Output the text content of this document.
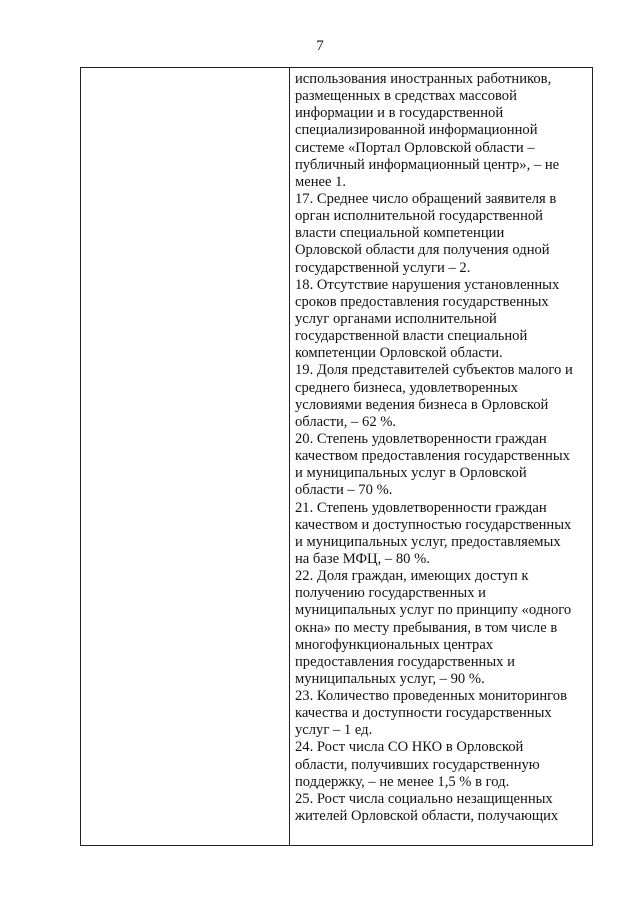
7
использования иностранных работников,
размещенных в средствах массовой
информации и в государственной
специализированной информационной
системе «Портал Орловской области –
публичный информационный центр», – не
менее 1.
17. Среднее число обращений заявителя в
орган исполнительной государственной
власти специальной компетенции
Орловской области для получения одной
государственной услуги – 2.
18. Отсутствие нарушения установленных
сроков предоставления государственных
услуг органами исполнительной
государственной власти специальной
компетенции Орловской области.
19. Доля представителей субъектов малого и
среднего бизнеса, удовлетворенных
условиями ведения бизнеса в Орловской
области, – 62 %.
20. Степень удовлетворенности граждан
качеством предоставления государственных
и муниципальных услуг в Орловской
области – 70 %.
21. Степень удовлетворенности граждан
качеством и доступностью государственных
и муниципальных услуг, предоставляемых
на базе МФЦ, – 80 %.
22. Доля граждан, имеющих доступ к
получению государственных и
муниципальных услуг по принципу «одного
окна» по месту пребывания, в том числе в
многофункциональных центрах
предоставления государственных и
муниципальных услуг, – 90 %.
23. Количество проведенных мониторингов
качества и доступности государственных
услуг – 1 ед.
24. Рост числа СО НКО в Орловской
области, получивших государственную
поддержку, – не менее 1,5 % в год.
25. Рост числа социально незащищенных
жителей Орловской области, получающих
